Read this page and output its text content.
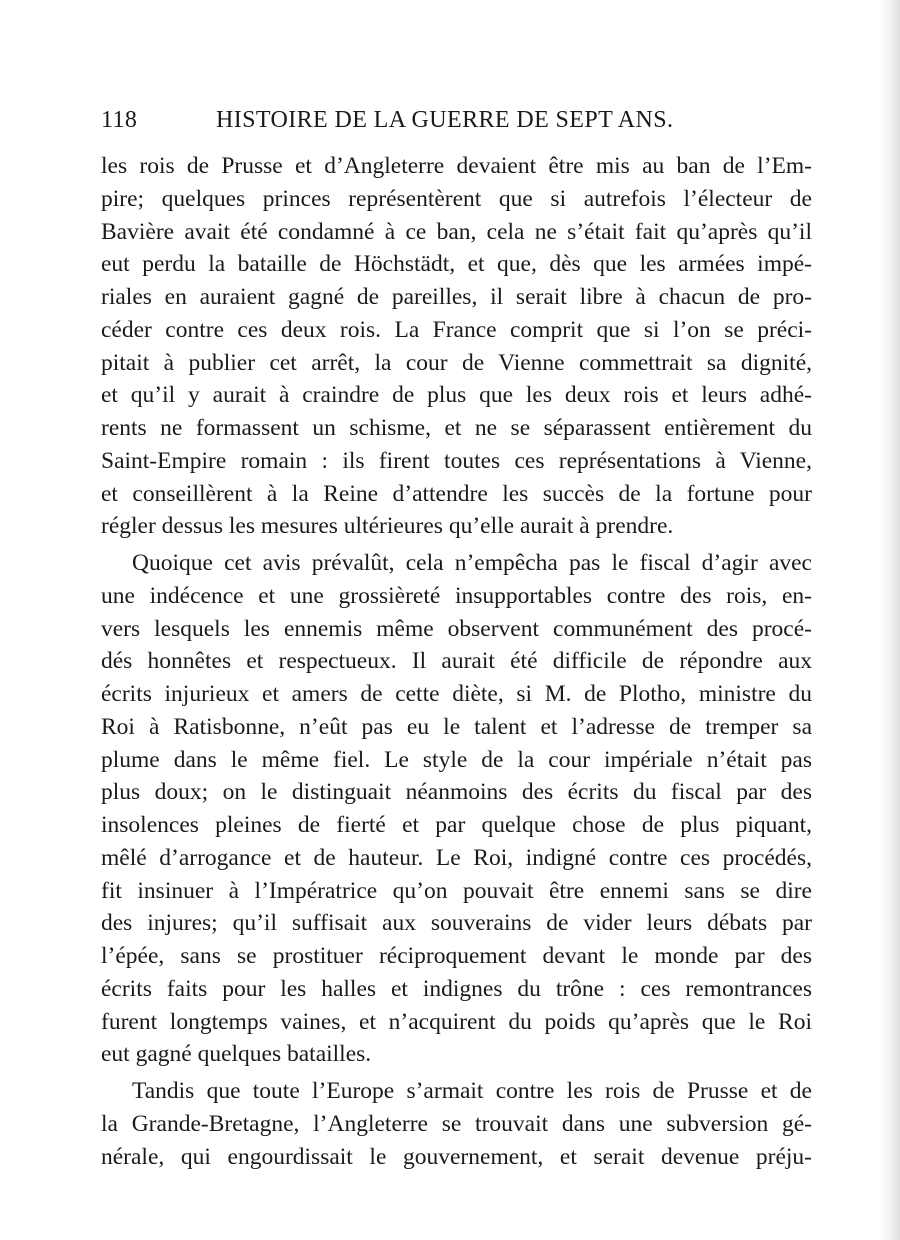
118	HISTOIRE DE LA GUERRE DE SEPT ANS.
les rois de Prusse et d’Angleterre devaient être mis au ban de l’Em-
pire; quelques princes représentèrent que si autrefois l’électeur de
Bavière avait été condamné à ce ban, cela ne s’était fait qu’après qu’il
eut perdu la bataille de Höchstädt, et que, dès que les armées impé-
riales en auraient gagné de pareilles, il serait libre à chacun de pro-
céder contre ces deux rois. La France comprit que si l’on se préci-
pitait à publier cet arrêt, la cour de Vienne commettrait sa dignité,
et qu’il y aurait à craindre de plus que les deux rois et leurs adhé-
rents ne formassent un schisme, et ne se séparassent entièrement du
Saint-Empire romain : ils firent toutes ces représentations à Vienne,
et conseillèrent à la Reine d’attendre les succès de la fortune pour
régler dessus les mesures ultérieures qu’elle aurait à prendre.
Quoique cet avis prévalût, cela n’empêcha pas le fiscal d’agir avec
une indécence et une grossièreté insupportables contre des rois, en-
vers lesquels les ennemis même observent communément des procé-
dés honnêtes et respectueux. Il aurait été difficile de répondre aux
écrits injurieux et amers de cette diète, si M. de Plotho, ministre du
Roi à Ratisbonne, n’eût pas eu le talent et l’adresse de tremper sa
plume dans le même fiel. Le style de la cour impériale n’était pas
plus doux; on le distinguait néanmoins des écrits du fiscal par des
insolences pleines de fierté et par quelque chose de plus piquant,
mêlé d’arrogance et de hauteur. Le Roi, indigné contre ces procédés,
fit insinuer à l’Impératrice qu’on pouvait être ennemi sans se dire
des injures; qu’il suffisait aux souverains de vider leurs débats par
l’épée, sans se prostituer réciproquement devant le monde par des
écrits faits pour les halles et indignes du trône : ces remontrances
furent longtemps vaines, et n’acquirent du poids qu’après que le Roi
eut gagné quelques batailles.
Tandis que toute l’Europe s’armait contre les rois de Prusse et de
la Grande-Bretagne, l’Angleterre se trouvait dans une subversion gé-
nérale, qui engourdissait le gouvernement, et serait devenue préju-
